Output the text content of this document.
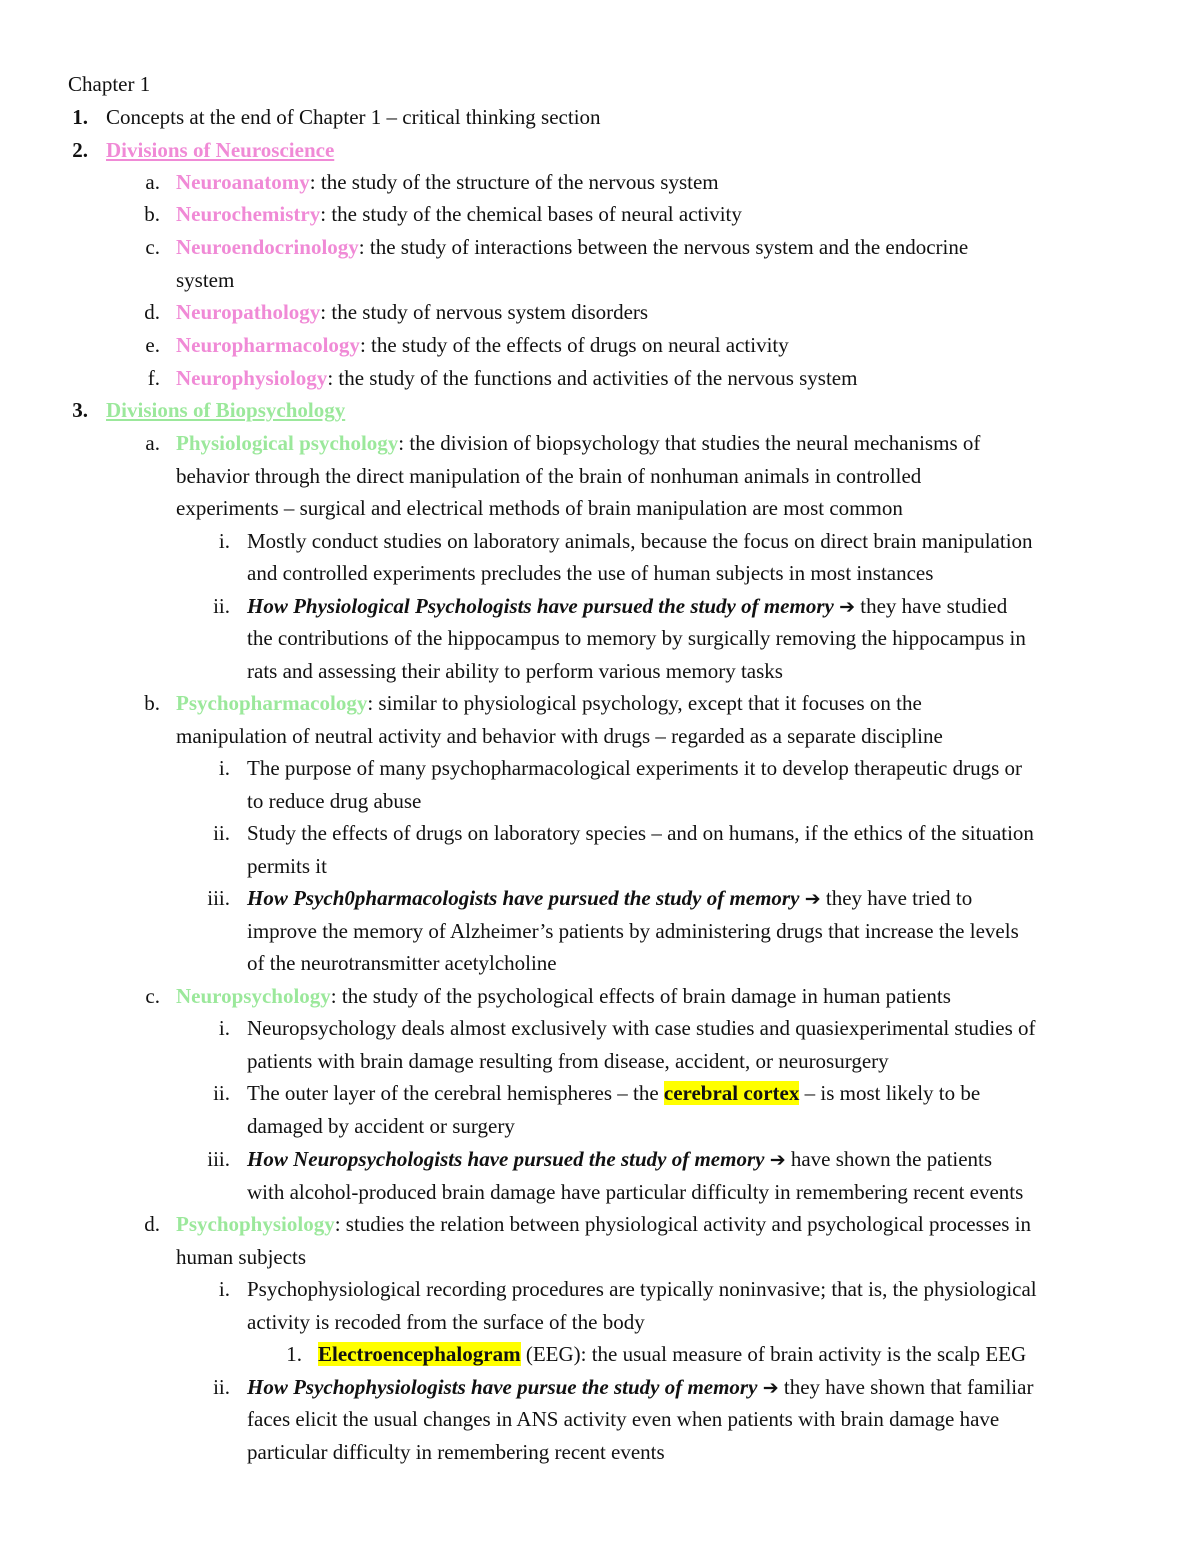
Chapter 1
1. Concepts at the end of Chapter 1 – critical thinking section
2. Divisions of Neuroscience
a. Neuroanatomy: the study of the structure of the nervous system
b. Neurochemistry: the study of the chemical bases of neural activity
c. Neuroendocrinology: the study of interactions between the nervous system and the endocrine
system
d. Neuropathology: the study of nervous system disorders
e. Neuropharmacology: the study of the effects of drugs on neural activity
f. Neurophysiology: the study of the functions and activities of the nervous system
3. Divisions of Biopsychology
a. Physiological psychology: the division of biopsychology that studies the neural mechanisms of
behavior through the direct manipulation of the brain of nonhuman animals in controlled
experiments – surgical and electrical methods of brain manipulation are most common
i. Mostly conduct studies on laboratory animals, because the focus on direct brain manipulation
and controlled experiments precludes the use of human subjects in most instances
ii. How Physiological Psychologists have pursued the study of memory ➔ they have studied
the contributions of the hippocampus to memory by surgically removing the hippocampus in
rats and assessing their ability to perform various memory tasks
b. Psychopharmacology: similar to physiological psychology, except that it focuses on the
manipulation of neutral activity and behavior with drugs – regarded as a separate discipline
i. The purpose of many psychopharmacological experiments it to develop therapeutic drugs or
to reduce drug abuse
ii. Study the effects of drugs on laboratory species – and on humans, if the ethics of the situation
permits it
iii. How Psych0pharmacologists have pursued the study of memory ➔ they have tried to
improve the memory of Alzheimer’s patients by administering drugs that increase the levels
of the neurotransmitter acetylcholine
c. Neuropsychology: the study of the psychological effects of brain damage in human patients
i. Neuropsychology deals almost exclusively with case studies and quasiexperimental studies of
patients with brain damage resulting from disease, accident, or neurosurgery
ii. The outer layer of the cerebral hemispheres – the cerebral cortex – is most likely to be
damaged by accident or surgery
iii. How Neuropsychologists have pursued the study of memory ➔ have shown the patients
with alcohol-produced brain damage have particular difficulty in remembering recent events
d. Psychophysiology: studies the relation between physiological activity and psychological processes in
human subjects
i. Psychophysiological recording procedures are typically noninvasive; that is, the physiological
activity is recoded from the surface of the body
1. Electroencephalogram (EEG): the usual measure of brain activity is the scalp EEG
ii. How Psychophysiologists have pursue the study of memory ➔ they have shown that familiar
faces elicit the usual changes in ANS activity even when patients with brain damage have
particular difficulty in remembering recent events
